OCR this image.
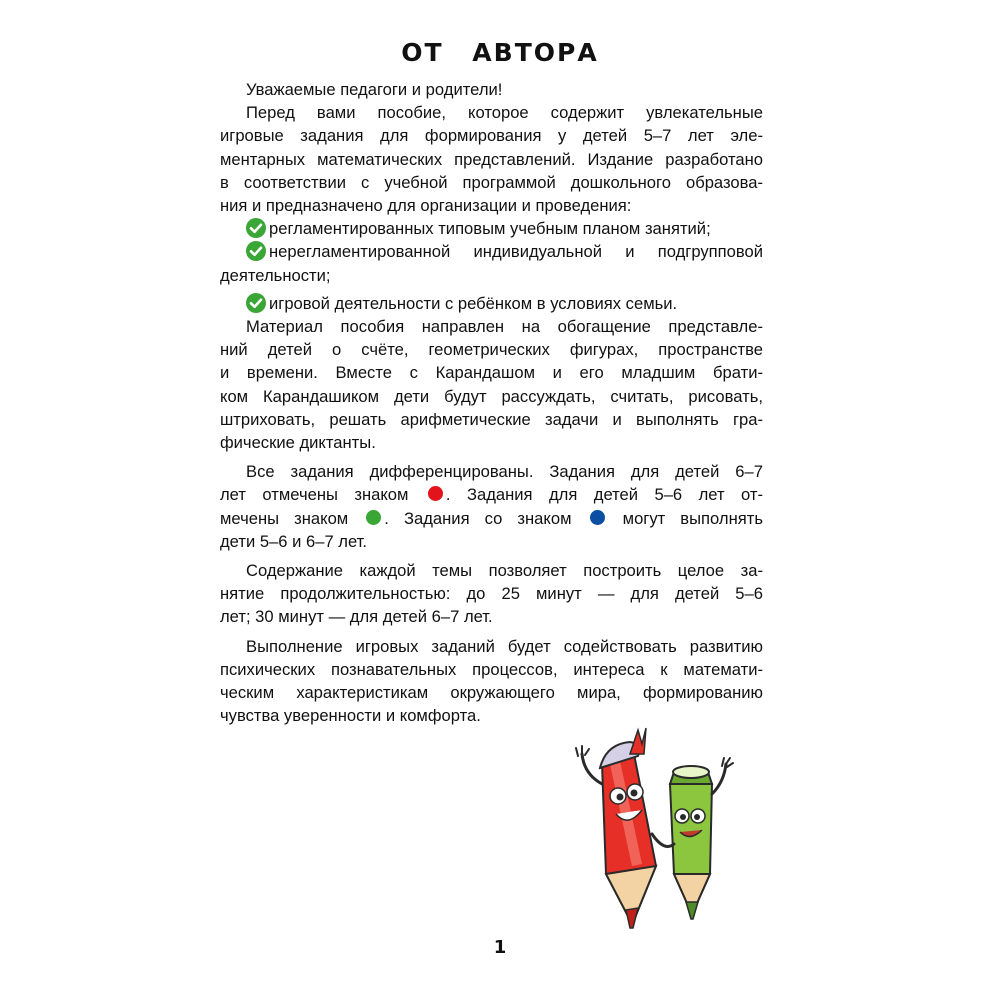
ОТ АВТОРА
Уважаемые педагоги и родители!
Перед вами пособие, которое содержит увлекательные
игровые задания для формирования у детей 5–7 лет эле-
ментарных математических представлений. Издание разработано
в соответствии с учебной программой дошкольного образова-
ния и предназначено для организации и проведения:
регламентированных типовым учебным планом занятий;
нерегламентированной индивидуальной и подгрупповой
деятельности;
игровой деятельности с ребёнком в условиях семьи.
Материал пособия направлен на обогащение представле-
ний детей о счёте, геометрических фигурах, пространстве
и времени. Вместе с Карандашом и его младшим брати-
ком Карандашиком дети будут рассуждать, считать, рисовать,
штриховать, решать арифметические задачи и выполнять гра-
фические диктанты.
Все задания дифференцированы. Задания для детей 6–7
лет отмечены знаком . Задания для детей 5–6 лет от-
мечены знаком . Задания со знаком	могут выполнять
дети 5–6 и 6–7 лет.
Содержание каждой темы позволяет построить целое за-
нятие продолжительностью: до 25 минут — для детей 5–6
лет; 30 минут — для детей 6–7 лет.
Выполнение игровых заданий будет содействовать развитию
психических познавательных процессов, интереса к математи-
ческим характеристикам окружающего мира, формированию
чувства уверенности и комфорта.
1
